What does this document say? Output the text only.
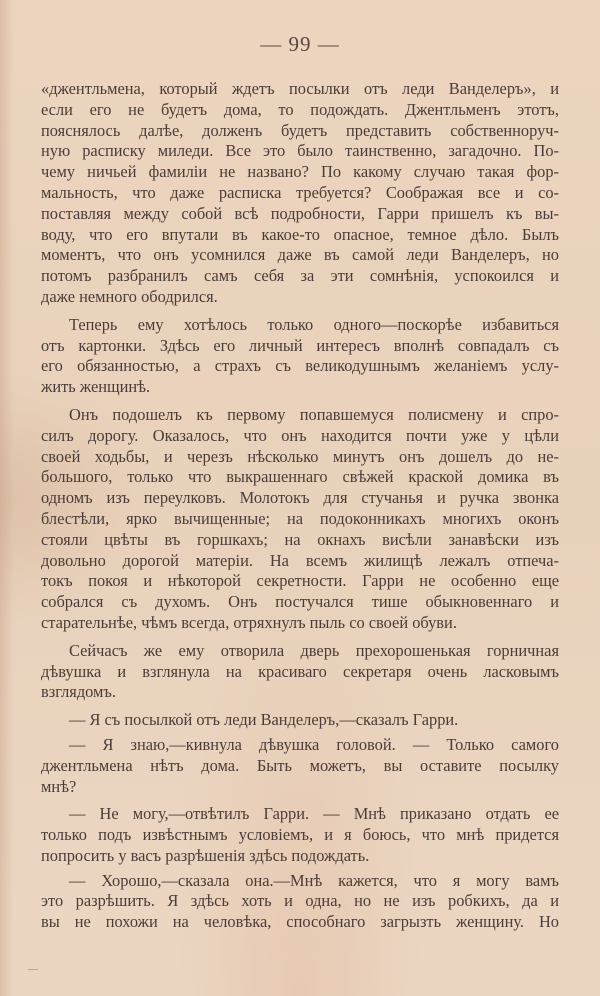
— 99 —
«джентльмена, который ждетъ посылки отъ леди Ванделеръ», и
если его не будетъ дома, то подождать. Джентльменъ этотъ,
пояснялось далѣе, долженъ будетъ представить собственноруч-
ную расписку миледи. Все это было таинственно, загадочно. По-
чему ничьей фамиліи не названо? По какому случаю такая фор-
мальность, что даже расписка требуется? Соображая все и со-
поставляя между собой всѣ подробности, Гарри пришелъ къ вы-
воду, что его впутали въ какое-то опасное, темное дѣло. Былъ
моментъ, что онъ усомнился даже въ самой леди Ванделеръ, но
потомъ разбранилъ самъ себя за эти сомнѣнія, успокоился и
даже немного ободрился.
Теперь ему хотѣлось только одного—поскорѣе избавиться
отъ картонки. Здѣсь его личный интересъ вполнѣ совпадалъ съ
его обязанностью, а страхъ съ великодушнымъ желаніемъ услу-
жить женщинѣ.
Онъ подошелъ къ первому попавшемуся полисмену и спро-
силъ дорогу. Оказалось, что онъ находится почти уже у цѣли
своей ходьбы, и черезъ нѣсколько минутъ онъ дошелъ до не-
большого, только что выкрашеннаго свѣжей краской домика въ
одномъ изъ переулковъ. Молотокъ для стучанья и ручка звонка
блестѣли, ярко вычищенные; на подоконникахъ многихъ оконъ
стояли цвѣты въ горшкахъ; на окнахъ висѣли занавѣски изъ
довольно дорогой матеріи. На всемъ жилищѣ лежалъ отпеча-
токъ покоя и нѣкоторой секретности. Гарри не особенно еще
собрался съ духомъ. Онъ постучался тише обыкновеннаго и
старательнѣе, чѣмъ всегда, отряхнулъ пыль со своей обуви.
Сейчасъ же ему отворила дверь прехорошенькая горничная
дѣвушка и взглянула на красиваго секретаря очень ласковымъ
взглядомъ.
— Я съ посылкой отъ леди Ванделеръ,—сказалъ Гарри.
— Я знаю,—кивнула дѣвушка головой. — Только самого
джентльмена нѣтъ дома. Быть можетъ, вы оставите посылку
мнѣ?
— Не могу,—отвѣтилъ Гарри. — Мнѣ приказано отдать ее
только подъ извѣстнымъ условіемъ, и я боюсь, что мнѣ придется
попросить у васъ разрѣшенія здѣсь подождать.
— Хорошо,—сказала она.—Мнѣ кажется, что я могу вамъ
это разрѣшить. Я здѣсь хоть и одна, но не изъ робкихъ, да и
вы не похожи на человѣка, способнаго загрызть женщину. Но
